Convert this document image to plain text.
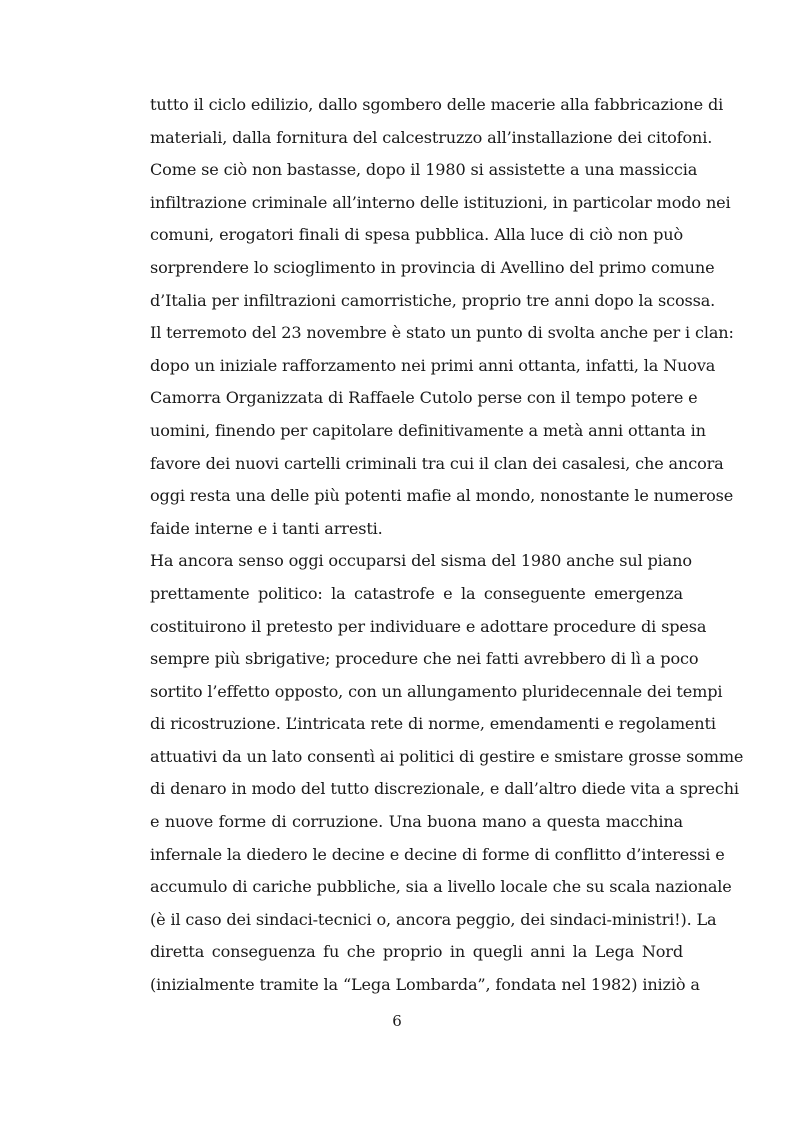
tutto il ciclo edilizio, dallo sgombero delle macerie alla fabbricazione di
materiali, dalla fornitura del calcestruzzo all’installazione dei citofoni.
Come se ciò non bastasse, dopo il 1980 si assistette a una massiccia
infiltrazione criminale all’interno delle istituzioni, in particolar modo nei
comuni, erogatori finali di spesa pubblica. Alla luce di ciò non può
sorprendere lo scioglimento in provincia di Avellino del primo comune
d’Italia per infiltrazioni camorristiche, proprio tre anni dopo la scossa.
Il terremoto del 23 novembre è stato un punto di svolta anche per i clan:
dopo un iniziale rafforzamento nei primi anni ottanta, infatti, la Nuova
Camorra Organizzata di Raffaele Cutolo perse con il tempo potere e
uomini, finendo per capitolare definitivamente a metà anni ottanta in
favore dei nuovi cartelli criminali tra cui il clan dei casalesi, che ancora
oggi resta una delle più potenti mafie al mondo, nonostante le numerose
faide interne e i tanti arresti.
Ha ancora senso oggi occuparsi del sisma del 1980 anche sul piano
prettamente politico: la catastrofe e la conseguente emergenza
costituirono il pretesto per individuare e adottare procedure di spesa
sempre più sbrigative; procedure che nei fatti avrebbero di lì a poco
sortito l’effetto opposto, con un allungamento pluridecennale dei tempi
di ricostruzione. L’intricata rete di norme, emendamenti e regolamenti
attuativi da un lato consentì ai politici di gestire e smistare grosse somme
di denaro in modo del tutto discrezionale, e dall’altro diede vita a sprechi
e nuove forme di corruzione. Una buona mano a questa macchina
infernale la diedero le decine e decine di forme di conflitto d’interessi e
accumulo di cariche pubbliche, sia a livello locale che su scala nazionale
(è il caso dei sindaci-tecnici o, ancora peggio, dei sindaci-ministri!). La
diretta conseguenza fu che proprio in quegli anni la Lega Nord
(inizialmente tramite la “Lega Lombarda”, fondata nel 1982) iniziò a
6
